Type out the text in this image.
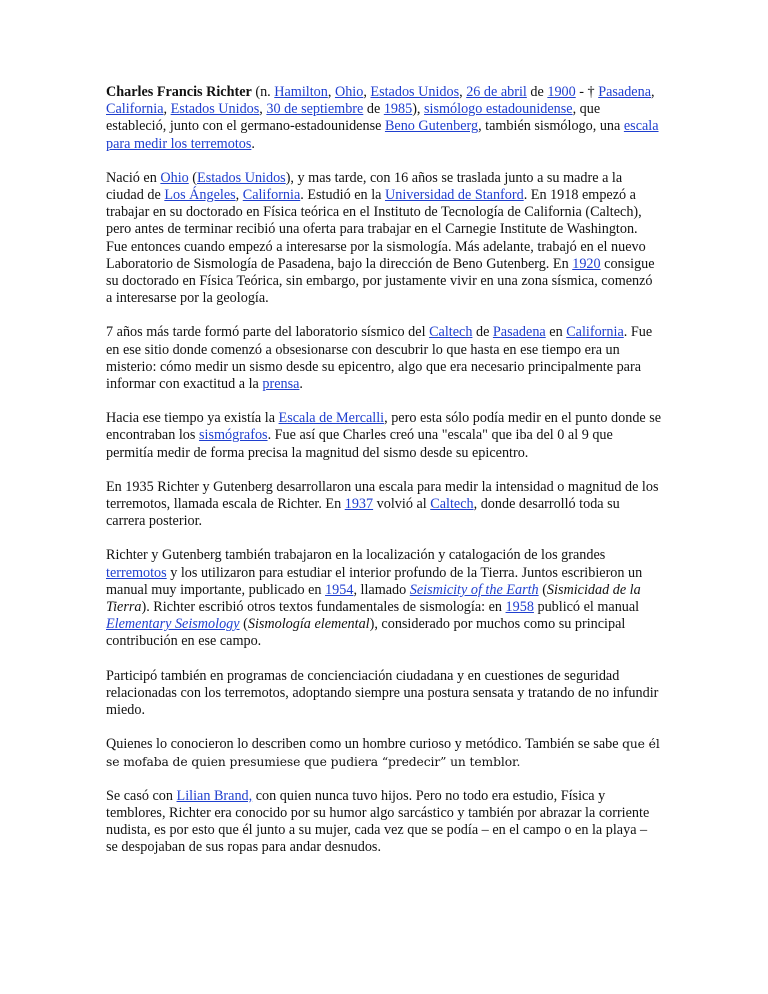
Charles Francis Richter (n. Hamilton, Ohio, Estados Unidos, 26 de abril de 1900 - † Pasadena, California, Estados Unidos, 30 de septiembre de 1985), sismólogo estadounidense, que estableció, junto con el germano-estadounidense Beno Gutenberg, también sismólogo, una escala para medir los terremotos.

Nació en Ohio (Estados Unidos), y mas tarde, con 16 años se traslada junto a su madre a la ciudad de Los Ángeles, California. Estudió en la Universidad de Stanford. En 1918 empezó a trabajar en su doctorado en Física teórica en el Instituto de Tecnología de California (Caltech), pero antes de terminar recibió una oferta para trabajar en el Carnegie Institute de Washington. Fue entonces cuando empezó a interesarse por la sismología. Más adelante, trabajó en el nuevo Laboratorio de Sismología de Pasadena, bajo la dirección de Beno Gutenberg. En 1920 consigue su doctorado en Física Teórica, sin embargo, por justamente vivir en una zona sísmica, comenzó a interesarse por la geología.

7 años más tarde formó parte del laboratorio sísmico del Caltech de Pasadena en California. Fue en ese sitio donde comenzó a obsesionarse con descubrir lo que hasta en ese tiempo era un misterio: cómo medir un sismo desde su epicentro, algo que era necesario principalmente para informar con exactitud a la prensa.

Hacia ese tiempo ya existía la Escala de Mercalli, pero esta sólo podía medir en el punto donde se encontraban los sismógrafos. Fue así que Charles creó una "escala" que iba del 0 al 9 que permitía medir de forma precisa la magnitud del sismo desde su epicentro.

En 1935 Richter y Gutenberg desarrollaron una escala para medir la intensidad o magnitud de los terremotos, llamada escala de Richter. En 1937 volvió al Caltech, donde desarrolló toda su carrera posterior.

Richter y Gutenberg también trabajaron en la localización y catalogación de los grandes terremotos y los utilizaron para estudiar el interior profundo de la Tierra. Juntos escribieron un manual muy importante, publicado en 1954, llamado Seismicity of the Earth (Sismicidad de la Tierra). Richter escribió otros textos fundamentales de sismología: en 1958 publicó el manual Elementary Seismology (Sismología elemental), considerado por muchos como su principal contribución en ese campo.

Participó también en programas de concienciación ciudadana y en cuestiones de seguridad relacionadas con los terremotos, adoptando siempre una postura sensata y tratando de no infundir miedo.

Quienes lo conocieron lo describen como un hombre curioso y metódico. También se sabe que él se mofaba de quien presumiese que pudiera “predecir” un temblor.

Se casó con Lilian Brand, con quien nunca tuvo hijos. Pero no todo era estudio, Física y temblores, Richter era conocido por su humor algo sarcástico y también por abrazar la corriente nudista, es por esto que él junto a su mujer, cada vez que se podía – en el campo o en la playa – se despojaban de sus ropas para andar desnudos.
